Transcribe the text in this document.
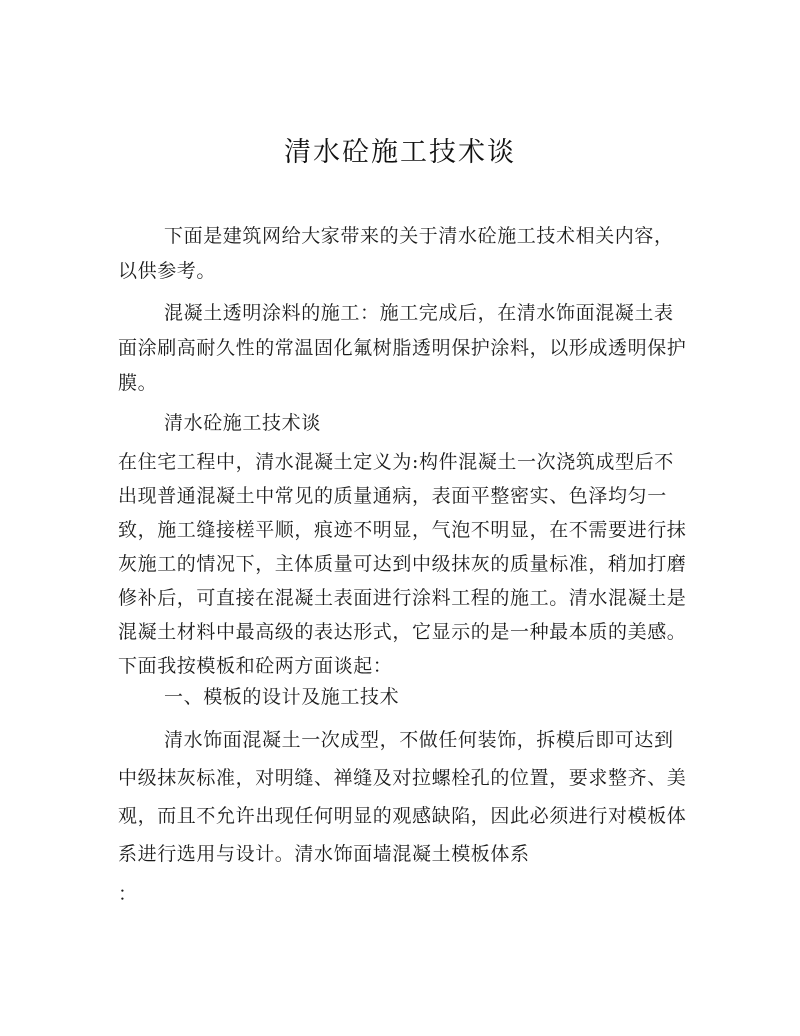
清水砼施工技术谈

下面是建筑网给大家带来的关于清水砼施工技术相关内容，以供参考。

混凝土透明涂料的施工：施工完成后，在清水饰面混凝土表面涂刷高耐久性的常温固化氟树脂透明保护涂料，以形成透明保护膜。

清水砼施工技术谈

在住宅工程中，清水混凝土定义为:构件混凝土一次浇筑成型后不出现普通混凝土中常见的质量通病，表面平整密实、色泽均匀一致，施工缝接槎平顺，痕迹不明显，气泡不明显，在不需要进行抹灰施工的情况下，主体质量可达到中级抹灰的质量标准，稍加打磨修补后，可直接在混凝土表面进行涂料工程的施工。清水混凝土是混凝土材料中最高级的表达形式，它显示的是一种最本质的美感。下面我按模板和砼两方面谈起：

一、模板的设计及施工技术

清水饰面混凝土一次成型，不做任何装饰，拆模后即可达到中级抹灰标准，对明缝、禅缝及对拉螺栓孔的位置，要求整齐、美观，而且不允许出现任何明显的观感缺陷，因此必须进行对模板体系进行选用与设计。清水饰面墙混凝土模板体系

：
